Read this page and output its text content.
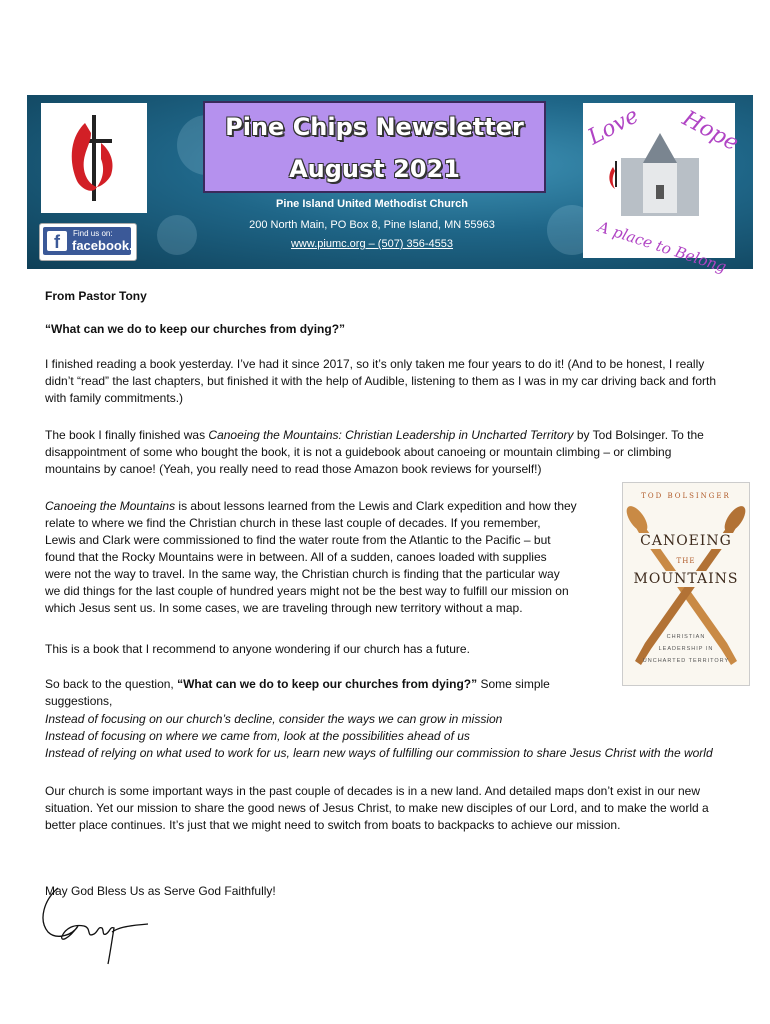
f	Find us on:
facebook.
Pine Chips Newsletter
August 2021
Pine Island United Methodist Church
200 North Main, PO Box 8, Pine Island, MN 55963
www.piumc.org – (507) 356-4553
Love Hope
A place to Belong
From Pastor Tony
“What can we do to keep our churches from dying?”

I finished reading a book yesterday. I’ve had it since 2017, so it’s only taken me four years to do it! (And to be honest, I really didn’t “read” the last chapters, but finished it with the help of Audible, listening to them as I was in my car driving back and forth with family commitments.)

The book I finally finished was Canoeing the Mountains: Christian Leadership in Uncharted Territory by Tod Bolsinger. To the disappointment of some who bought the book, it is not a guidebook about canoeing or mountain climbing – or climbing mountains by canoe! (Yeah, you really need to read those Amazon book reviews for yourself!)

Canoeing the Mountains is about lessons learned from the Lewis and Clark expedition and how they
relate to where we find the Christian church in these last couple of decades. If you remember,
Lewis and Clark were commissioned to find the water route from the Atlantic to the Pacific – but
found that the Rocky Mountains were in between. All of a sudden, canoes loaded with supplies
were not the way to travel. In the same way, the Christian church is finding that the particular way
we did things for the last couple of hundred years might not be the best way to fulfill our mission on
which Jesus sent us. In some cases, we are traveling through new territory without a map.
This is a book that I recommend to anyone wondering if our church has a future.
So back to the question, “What can we do to keep our churches from dying?” Some simple
suggestions,
Instead of focusing on our church’s decline, consider the ways we can grow in mission
Instead of focusing on where we came from, look at the possibilities ahead of us
Instead of relying on what used to work for us, learn new ways of fulfilling our commission to share Jesus Christ with the world

Our church is some important ways in the past couple of decades is in a new land. And detailed maps don’t exist in our new situation. Yet our mission to share the good news of Jesus Christ, to make new disciples of our Lord, and to make the world a better place continues. It’s just that we might need to switch from boats to backpacks to achieve our mission.

May God Bless Us as Serve God Faithfully!
TOD BOLSINGER
CANOEING
THE
MOUNTAINS
CHRISTIAN
LEADERSHIP IN
UNCHARTED TERRITORY
